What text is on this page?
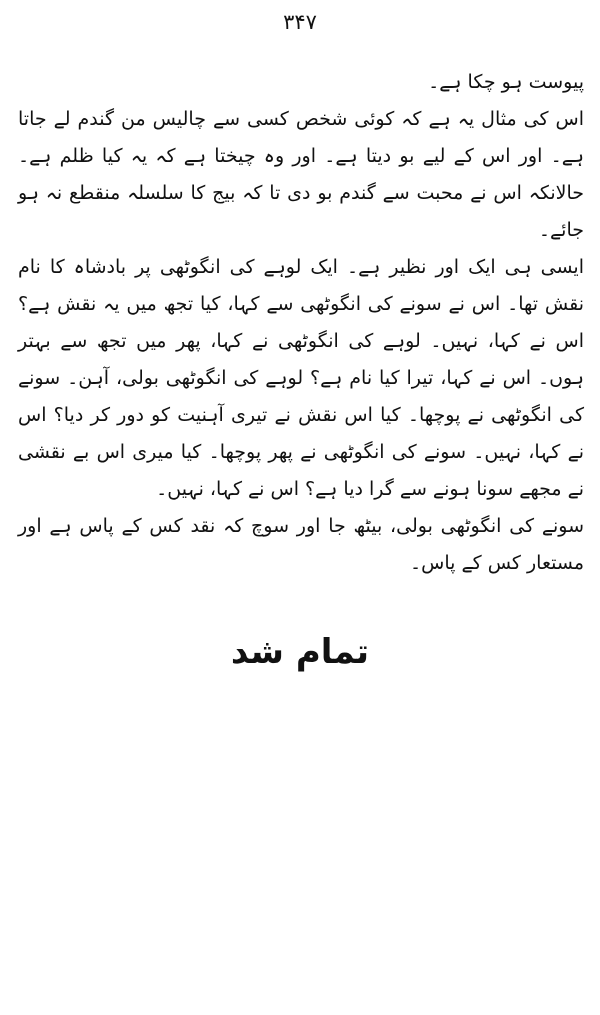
۳۴۷

پیوست ہو چکا ہے۔

اس کی مثال یہ ہے کہ کوئی شخص کسی سے چالیس من گندم لے جاتا ہے۔ اور اس کے لیے بو دیتا ہے۔ اور وہ چیختا ہے کہ یہ کیا ظلم ہے۔ حالانکہ اس نے محبت سے گندم بو دی تا کہ بیج کا سلسلہ منقطع نہ ہو جائے۔

ایسی ہی ایک اور نظیر ہے۔ ایک لوہے کی انگوٹھی پر بادشاہ کا نام نقش تھا۔ اس نے سونے کی انگوٹھی سے کہا، کیا تجھ میں یہ نقش ہے؟ اس نے کہا، نہیں۔ لوہے کی انگوٹھی نے کہا، پھر میں تجھ سے بہتر ہوں۔ اس نے کہا، تیرا کیا نام ہے؟ لوہے کی انگوٹھی بولی، آہن۔ سونے کی انگوٹھی نے پوچھا۔ کیا اس نقش نے تیری آہنیت کو دور کر دیا؟ اس نے کہا، نہیں۔ سونے کی انگوٹھی نے پھر پوچھا۔ کیا میری اس بے نقشی نے مجھے سونا ہونے سے گرا دیا ہے؟ اس نے کہا، نہیں۔

سونے کی انگوٹھی بولی، بیٹھ جا اور سوچ کہ نقد کس کے پاس ہے اور مستعار کس کے پاس۔

تمام شد
